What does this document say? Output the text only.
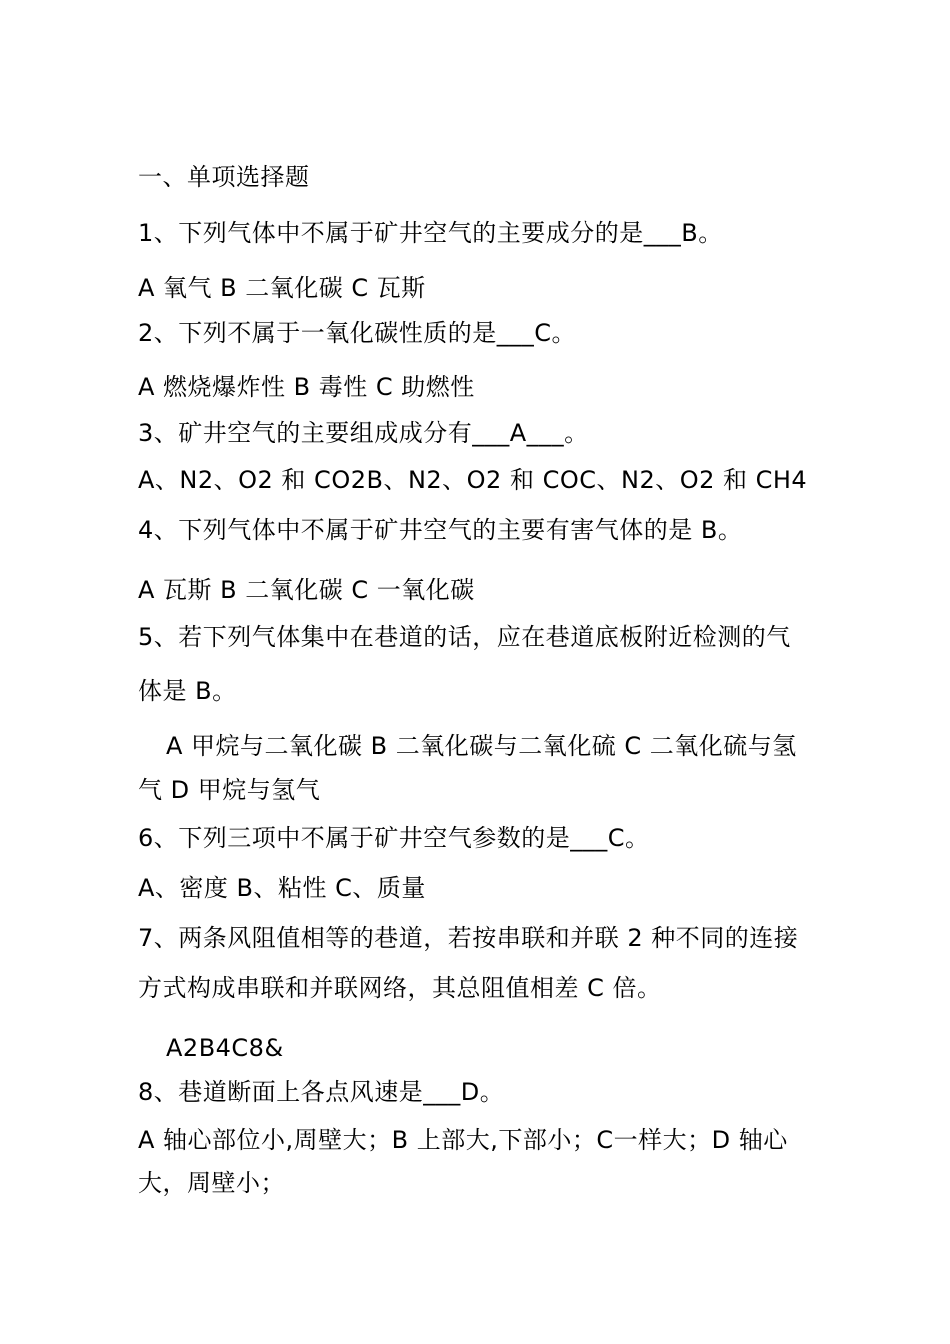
一、单项选择题
1、下列气体中不属于矿井空气的主要成分的是___B。
A 氧气 B 二氧化碳 C 瓦斯
2、下列不属于一氧化碳性质的是___C。
A 燃烧爆炸性 B 毒性 C 助燃性
3、矿井空气的主要组成成分有___A___。
A、N2、O2 和 CO2B、N2、O2 和 COC、N2、O2 和 CH4
4、下列气体中不属于矿井空气的主要有害气体的是 B。
A 瓦斯 B 二氧化碳 C 一氧化碳
5、若下列气体集中在巷道的话，应在巷道底板附近检测的气
体是 B。
A 甲烷与二氧化碳 B 二氧化碳与二氧化硫 C 二氧化硫与氢
气 D 甲烷与氢气
6、下列三项中不属于矿井空气参数的是___C。
A、密度 B、粘性 C、质量
7、两条风阻值相等的巷道，若按串联和并联 2 种不同的连接
方式构成串联和并联网络，其总阻值相差 C 倍。
A2B4C8&
8、巷道断面上各点风速是___D。
A 轴心部位小,周壁大；B 上部大,下部小；C一样大；D 轴心
大，周壁小；
